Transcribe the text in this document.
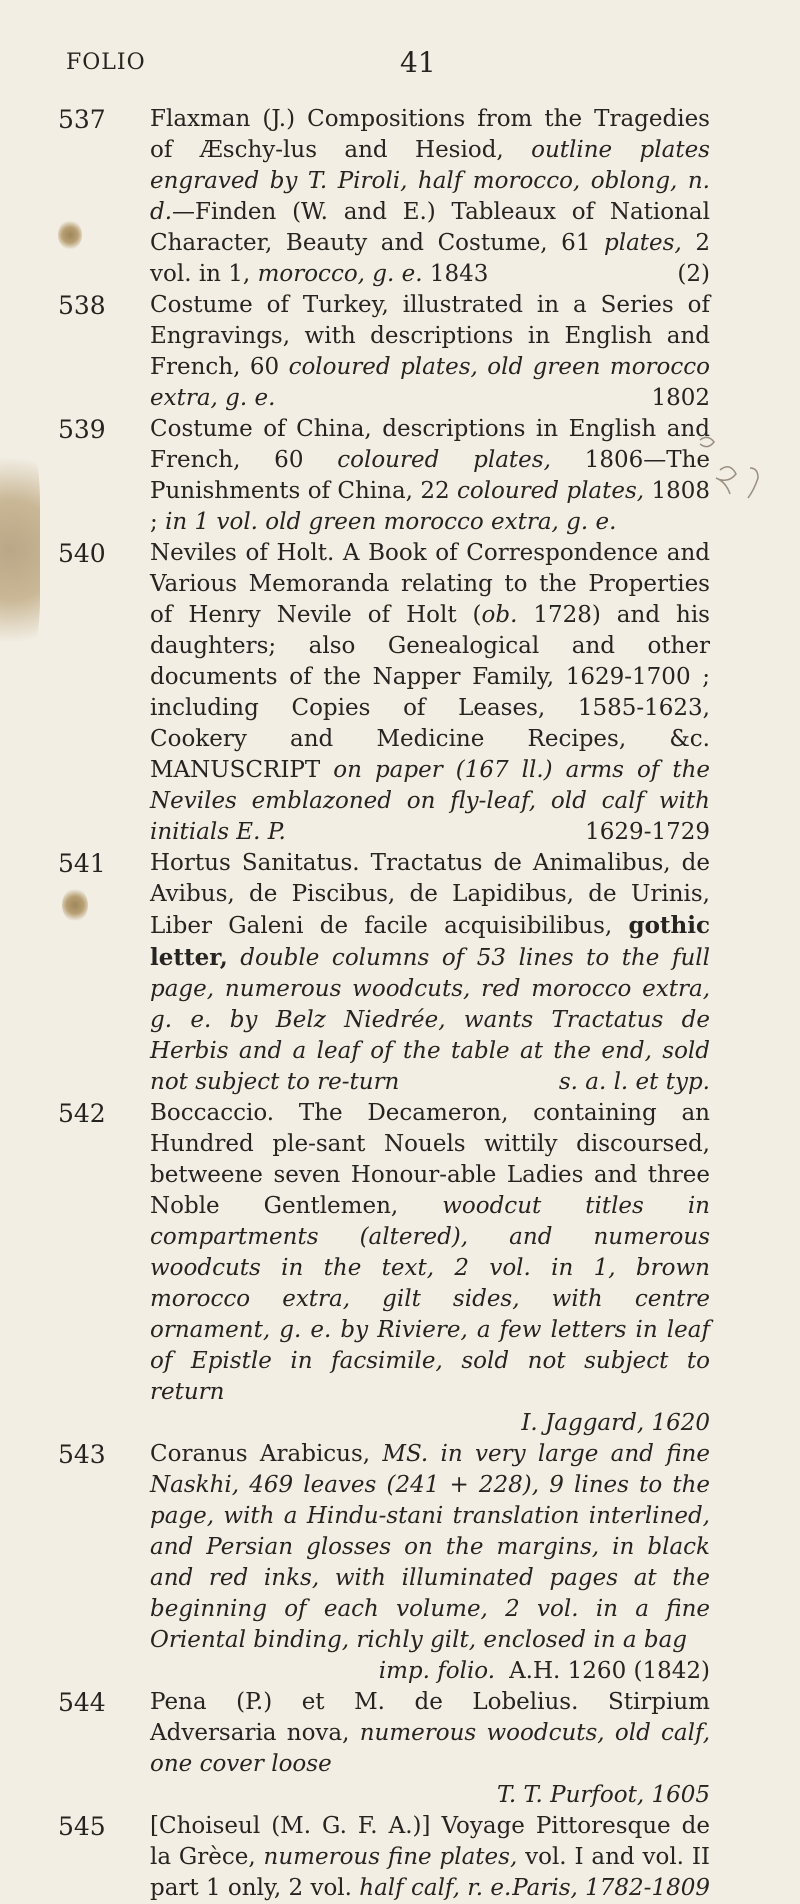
FOLIO	41
537 Flaxman (J.) Compositions from the Tragedies of Æschy-lus and Hesiod, outline plates engraved by T. Piroli, half morocco, oblong, n. d.—Finden (W. and E.) Tableaux of National Character, Beauty and Costume, 61 plates, 2 vol. in 1, morocco, g. e. 1843	(2)
538 Costume of Turkey, illustrated in a Series of Engravings, with descriptions in English and French, 60 coloured plates, old green morocco extra, g. e.	1802
539 Costume of China, descriptions in English and French, 60 coloured plates, 1806—The Punishments of China, 22 coloured plates, 1808 ; in 1 vol. old green morocco extra, g. e.
540 Neviles of Holt. A Book of Correspondence and Various Memoranda relating to the Properties of Henry Nevile of Holt (ob. 1728) and his daughters; also Genealogical and other documents of the Napper Family, 1629-1700 ; including Copies of Leases, 1585-1623, Cookery and Medicine Recipes, &c. MANUSCRIPT on paper (167 ll.) arms of the Neviles emblazoned on fly-leaf, old calf with initials E. P.	1629-1729
541 Hortus Sanitatus. Tractatus de Animalibus, de Avibus, de Piscibus, de Lapidibus, de Urinis, Liber Galeni de facile acquisibilibus, gothic letter, double columns of 53 lines to the full page, numerous woodcuts, red morocco extra, g. e. by Belz Niedrée, wants Tractatus de Herbis and a leaf of the table at the end, sold not subject to re-turn	s. a. l. et typ.
542 Boccaccio. The Decameron, containing an Hundred ple-sant Nouels wittily discoursed, betweene seven Honour-able Ladies and three Noble Gentlemen, woodcut titles in compartments (altered), and numerous woodcuts in the text, 2 vol. in 1, brown morocco extra, gilt sides, with centre ornament, g. e. by Riviere, a few letters in leaf of Epistle in facsimile, sold not subject to return
I. Jaggard, 1620
543 Coranus Arabicus, MS. in very large and fine Naskhi, 469 leaves (241 + 228), 9 lines to the page, with a Hindu-stani translation interlined, and Persian glosses on the margins, in black and red inks, with illuminated pages at the beginning of each volume, 2 vol. in a fine Oriental binding, richly gilt, enclosed in a bag
imp. folio. A.H. 1260 (1842)
544 Pena (P.) et M. de Lobelius. Stirpium Adversaria nova, numerous woodcuts, old calf, one cover loose
T. T. Purfoot, 1605
545 [Choiseul (M. G. F. A.)] Voyage Pittoresque de la Grèce, numerous fine plates, vol. I and vol. II part 1 only, 2 vol. half calf, r. e. Paris, 1782-1809
